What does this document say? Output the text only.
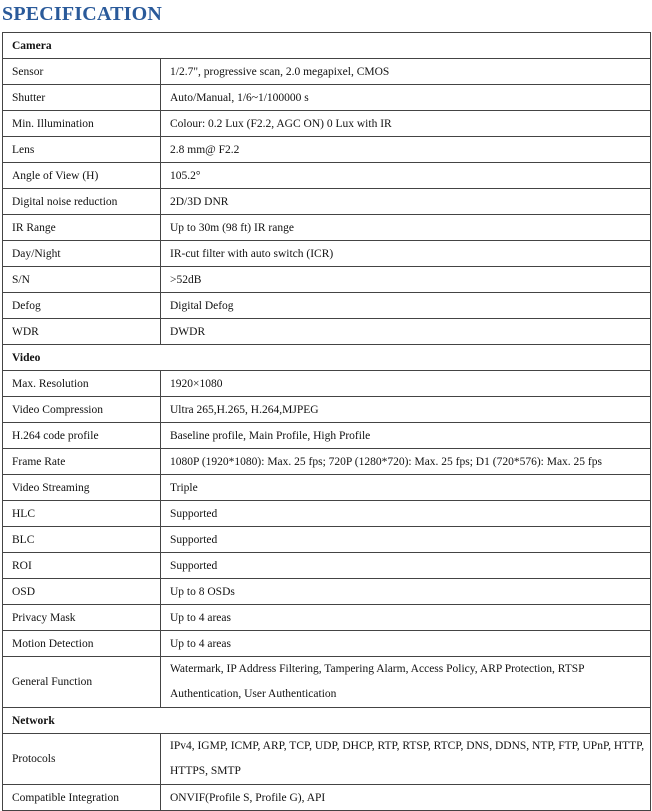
SPECIFICATION
Camera	
Sensor	1/2.7", progressive scan, 2.0 megapixel, CMOS
Shutter	Auto/Manual, 1/6~1/100000 s
Min. Illumination	Colour: 0.2 Lux (F2.2, AGC ON) 0 Lux with IR
Lens	2.8 mm@ F2.2
Angle of View (H)	105.2°
Digital noise reduction	2D/3D DNR
IR Range	Up to 30m (98 ft) IR range
Day/Night	IR-cut filter with auto switch (ICR)
S/N	>52dB
Defog	Digital Defog
WDR	DWDR
Video	
Max. Resolution	1920×1080
Video Compression	Ultra 265,H.265, H.264,MJPEG
H.264 code profile	Baseline profile, Main Profile, High Profile
Frame Rate	1080P (1920*1080): Max. 25 fps; 720P (1280*720): Max. 25 fps; D1 (720*576): Max. 25 fps
Video Streaming	Triple
HLC	Supported
BLC	Supported
ROI	Supported
OSD	Up to 8 OSDs
Privacy Mask	Up to 4 areas
Motion Detection	Up to 4 areas
General Function	Watermark, IP Address Filtering, Tampering Alarm, Access Policy, ARP Protection, RTSP Authentication, User Authentication
Network	
Protocols	IPv4, IGMP, ICMP, ARP, TCP, UDP, DHCP, RTP, RTSP, RTCP, DNS, DDNS, NTP, FTP, UPnP, HTTP, HTTPS, SMTP
Compatible Integration	ONVIF(Profile S, Profile G), API
